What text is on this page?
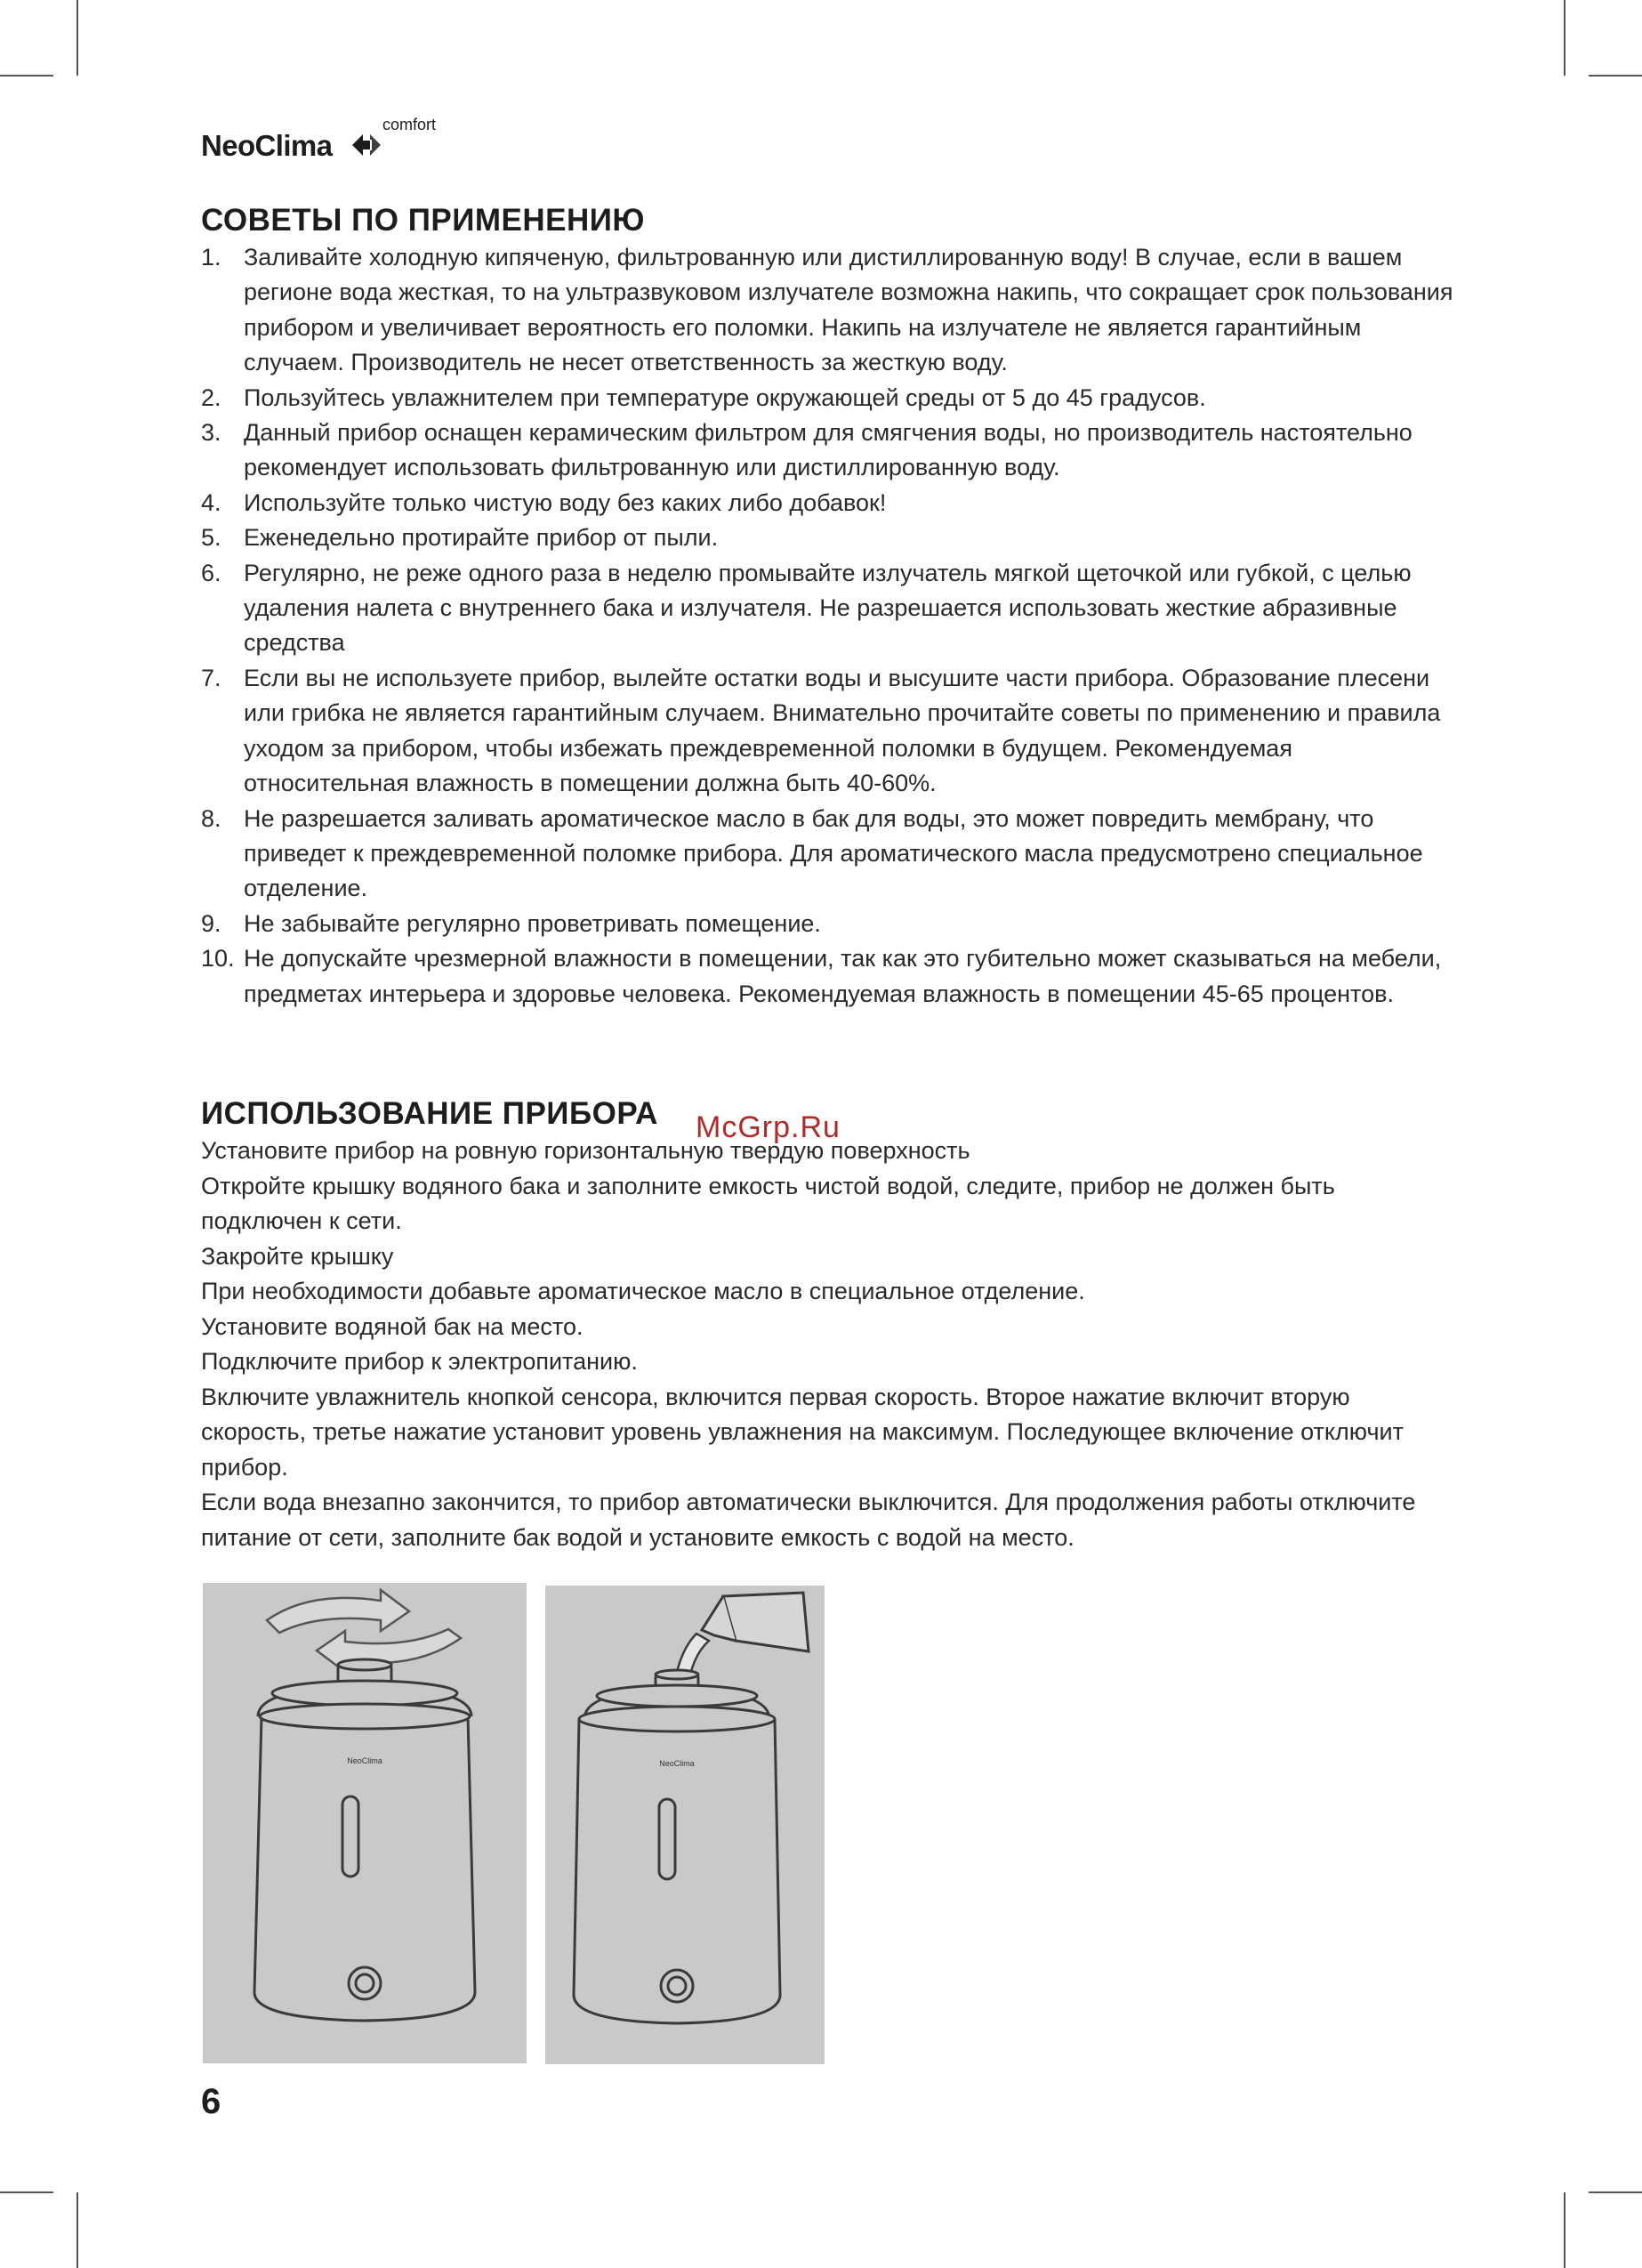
NeoClima
comfort
СОВЕТЫ ПО ПРИМЕНЕНИЮ
1. Заливайте холодную кипяченую, фильтрованную или дистиллированную воду! В случае, если в вашем регионе вода жесткая, то на ультразвуковом излучателе возможна накипь, что сокращает срок пользования прибором и увеличивает вероятность его поломки. Накипь на излучателе не является гарантийным случаем. Производитель не несет ответственность за жесткую воду.
2. Пользуйтесь увлажнителем при температуре окружающей среды от 5 до 45 градусов.
3. Данный прибор оснащен керамическим фильтром для смягчения воды, но производитель настоятельно рекомендует использовать фильтрованную или дистиллированную воду.
4. Используйте только чистую воду без каких либо добавок!
5. Еженедельно протирайте прибор от пыли.
6. Регулярно, не реже одного раза в неделю промывайте излучатель мягкой щеточкой или губкой, с целью удаления налета с внутреннего бака и излучателя. Не разрешается использовать жесткие абразивные средства
7. Если вы не используете прибор, вылейте остатки воды и высушите части прибора. Образование плесени или грибка не является гарантийным случаем. Внимательно прочитайте советы по применению и правила уходом за прибором, чтобы избежать преждевременной поломки в будущем. Рекомендуемая относительная влажность в помещении должна быть 40-60%.
8. Не разрешается заливать ароматическое масло в бак для воды, это может повредить мембрану, что приведет к преждевременной поломке прибора. Для ароматического масла предусмотрено специальное отделение.
9. Не забывайте регулярно проветривать помещение.
10. Не допускайте чрезмерной влажности в помещении, так как это губительно может сказываться на мебели, предметах интерьера и здоровье человека. Рекомендуемая влажность в помещении 45-65 процентов.
McGrp.Ru
ИСПОЛЬЗОВАНИЕ ПРИБОРА

Установите прибор на ровную горизонтальную твердую поверхность

Откройте крышку водяного бака и заполните емкость чистой водой, следите, прибор не должен быть подключен к сети.

Закройте крышку

При необходимости добавьте ароматическое масло в специальное отделение.

Установите водяной бак на место.

Подключите прибор к электропитанию.

Включите увлажнитель кнопкой сенсора, включится первая скорость. Второе нажатие включит вторую скорость, третье нажатие установит уровень увлажнения на максимум. Последующее включение отключит прибор.

Если вода внезапно закончится, то прибор автоматически выключится. Для продолжения работы отключите питание от сети, заполните бак водой и установите емкость с водой на место.

NeoClima	NeoClima
6
